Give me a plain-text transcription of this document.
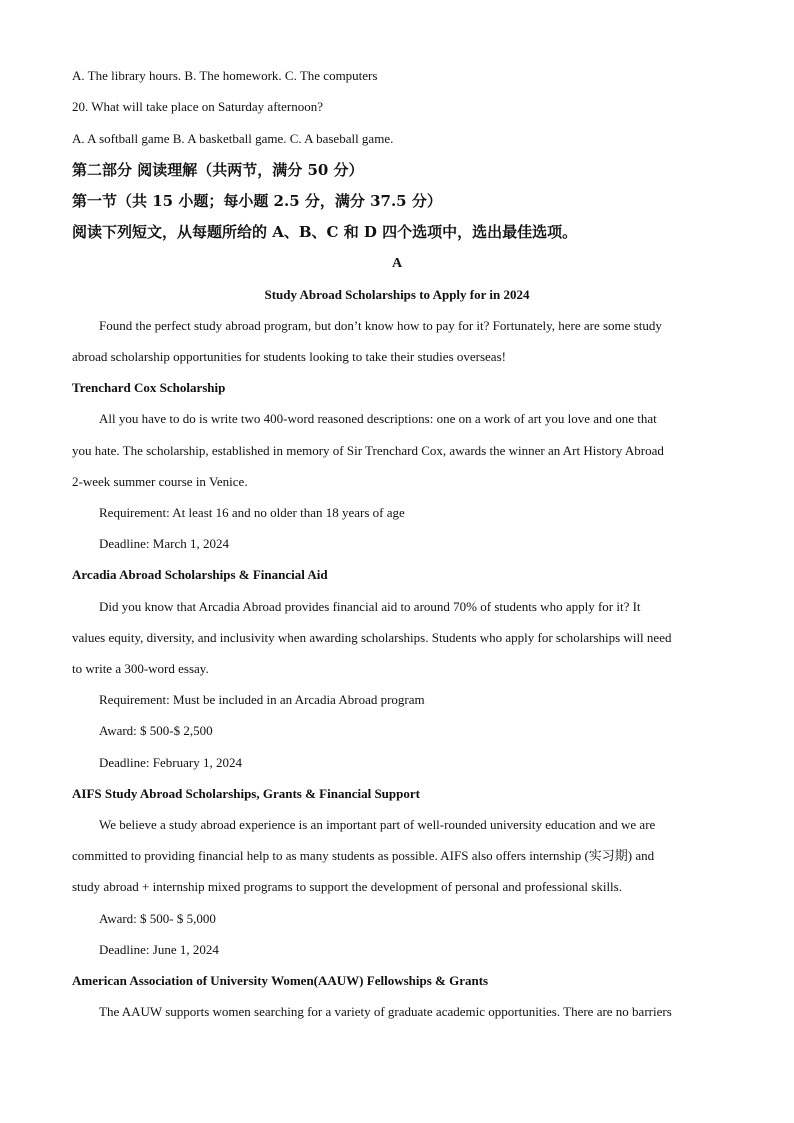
A. The library hours. B. The homework. C. The computers
20. What will take place on Saturday afternoon?
A. A softball game B. A basketball game. C. A baseball game.
第二部分 阅读理解（共两节，满分 50 分）
第一节（共 15 小题；每小题 2.5 分，满分 37.5 分）
阅读下列短文，从每题所给的 A、B、C 和 D 四个选项中，选出最佳选项。
A
Study Abroad Scholarships to Apply for in 2024
Found the perfect study abroad program, but don’t know how to pay for it? Fortunately, here are some study
abroad scholarship opportunities for students looking to take their studies overseas!
Trenchard Cox Scholarship
All you have to do is write two 400-word reasoned descriptions: one on a work of art you love and one that
you hate. The scholarship, established in memory of Sir Trenchard Cox, awards the winner an Art History Abroad
2-week summer course in Venice.
Requirement: At least 16 and no older than 18 years of age
Deadline: March 1, 2024
Arcadia Abroad Scholarships & Financial Aid
Did you know that Arcadia Abroad provides financial aid to around 70% of students who apply for it? It
values equity, diversity, and inclusivity when awarding scholarships. Students who apply for scholarships will need
to write a 300-word essay.
Requirement: Must be included in an Arcadia Abroad program
Award: $ 500-$ 2,500
Deadline: February 1, 2024
AIFS Study Abroad Scholarships, Grants & Financial Support
We believe a study abroad experience is an important part of well-rounded university education and we are
committed to providing financial help to as many students as possible. AIFS also offers internship (实习期) and
study abroad + internship mixed programs to support the development of personal and professional skills.
Award: $ 500- $ 5,000
Deadline: June 1, 2024
American Association of University Women(AAUW) Fellowships & Grants
The AAUW supports women searching for a variety of graduate academic opportunities. There are no barriers
